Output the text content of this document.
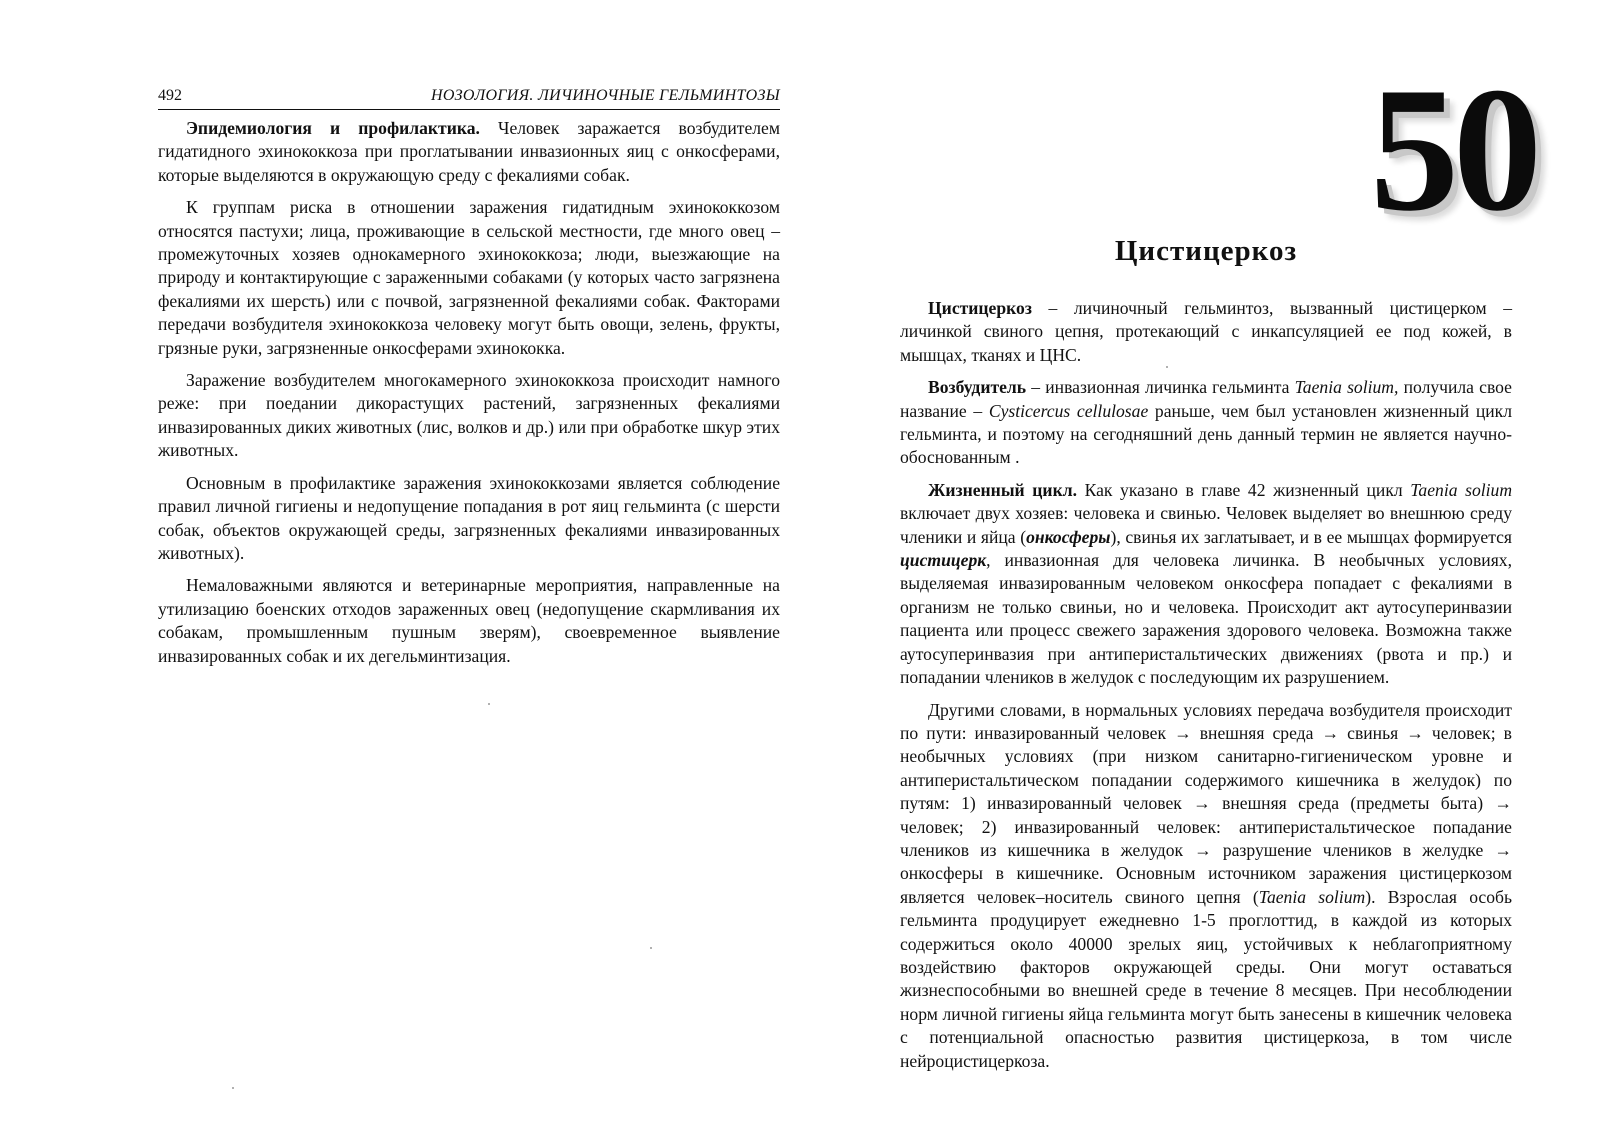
492	НОЗОЛОГИЯ. ЛИЧИНОЧНЫЕ ГЕЛЬМИНТОЗЫ

Эпидемиология и профилактика. Человек заражается возбудителем гидатидного эхинококкоза при проглатывании инвазионных яиц с онкосферами, которые выделяются в окружающую среду с фекалиями собак.

К группам риска в отношении заражения гидатидным эхинококкозом относятся пастухи; лица, проживающие в сельской местности, где много овец – промежуточных хозяев однокамерного эхинококкоза; люди, выезжающие на природу и контактирующие с зараженными собаками (у которых часто загрязнена фекалиями их шерсть) или с почвой, загрязненной фекалиями собак. Факторами передачи возбудителя эхинококкоза человеку могут быть овощи, зелень, фрукты, грязные руки, загрязненные онкосферами эхинококка.

Заражение возбудителем многокамерного эхинококкоза происходит намного реже: при поедании дикорастущих растений, загрязненных фекалиями инвазированных диких животных (лис, волков и др.) или при обработке шкур этих животных.

Основным в профилактике заражения эхинококкозами является соблюдение правил личной гигиены и недопущение попадания в рот яиц гельминта (с шерсти собак, объектов окружающей среды, загрязненных фекалиями инвазированных животных).

Немаловажными являются и ветеринарные мероприятия, направленные на утилизацию боенских отходов зараженных овец (недопущение скармливания их собакам, промышленным пушным зверям), своевременное выявление инвазированных собак и их дегельминтизация.

50
Цистицеркоз

Цистицеркоз – личиночный гельминтоз, вызванный цистицерком – личинкой свиного цепня, протекающий с инкапсуляцией ее под кожей, в мышцах, тканях и ЦНС.

Возбудитель – инвазионная личинка гельминта Taenia solium, получила свое название – Cysticercus cellulosae раньше, чем был установлен жизненный цикл гельминта, и поэтому на сегодняшний день данный термин не является научно-обоснованным .

Жизненный цикл. Как указано в главе 42 жизненный цикл Taenia solium включает двух хозяев: человека и свинью. Человек выделяет во внешнюю среду членики и яйца (онкосферы), свинья их заглатывает, и в ее мышцах формируется цистицерк, инвазионная для человека личинка. В необычных условиях, выделяемая инвазированным человеком онкосфера попадает с фекалиями в организм не только свиньи, но и человека. Происходит акт аутосуперинвазии пациента или процесс свежего заражения здорового человека. Возможна также аутосуперинвазия при антиперистальтических движениях (рвота и пр.) и попадании члеников в желудок с последующим их разрушением.

Другими словами, в нормальных условиях передача возбудителя происходит по пути: инвазированный человек → внешняя среда → свинья → человек; в необычных условиях (при низком санитарно-гигиеническом уровне и антиперистальтическом попадании содержимого кишечника в желудок) по путям: 1) инвазированный человек → внешняя среда (предметы быта) → человек; 2) инвазированный человек: антиперистальтическое попадание члеников из кишечника в желудок → разрушение члеников в желудке → онкосферы в кишечнике. Основным источником заражения цистицеркозом является человек–носитель свиного цепня (Taenia solium). Взрослая особь гельминта продуцирует ежедневно 1-5 проглоттид, в каждой из которых содержиться около 40000 зрелых яиц, устойчивых к неблагоприятному воздействию факторов окружающей среды. Они могут оставаться жизнеспособными во внешней среде в течение 8 месяцев. При несоблюдении норм личной гигиены яйца гельминта могут быть занесены в кишечник человека с потенциальной опасностью развития цистицеркоза, в том числе нейроцистицеркоза.
